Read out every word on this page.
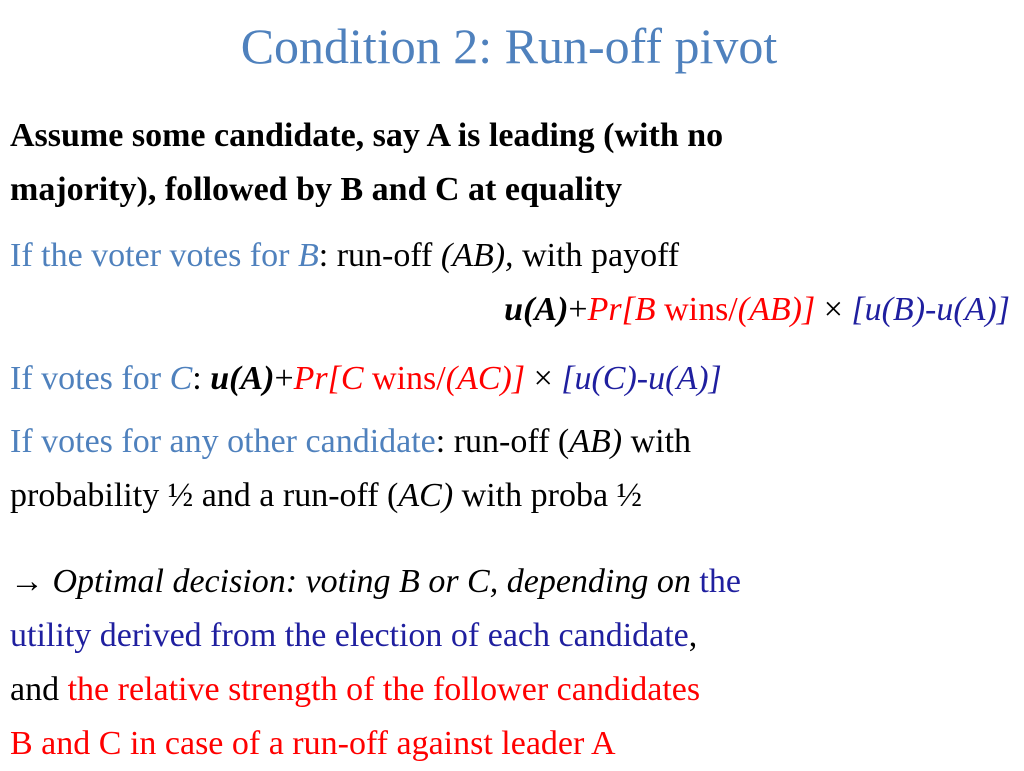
Condition 2: Run-off pivot
Assume some candidate, say A is leading (with no
majority), followed by B and C at equality
If the voter votes for B: run-off (AB), with payoff
u(A)+Pr[B wins/(AB)] × [u(B)-u(A)]
If votes for C: u(A)+Pr[C wins/(AC)] × [u(C)-u(A)]
If votes for any other candidate: run-off (AB) with
probability ½ and a run-off (AC) with proba ½
→ Optimal decision: voting B or C, depending on the
utility derived from the election of each candidate,
and the relative strength of the follower candidates
B and C in case of a run-off against leader A
